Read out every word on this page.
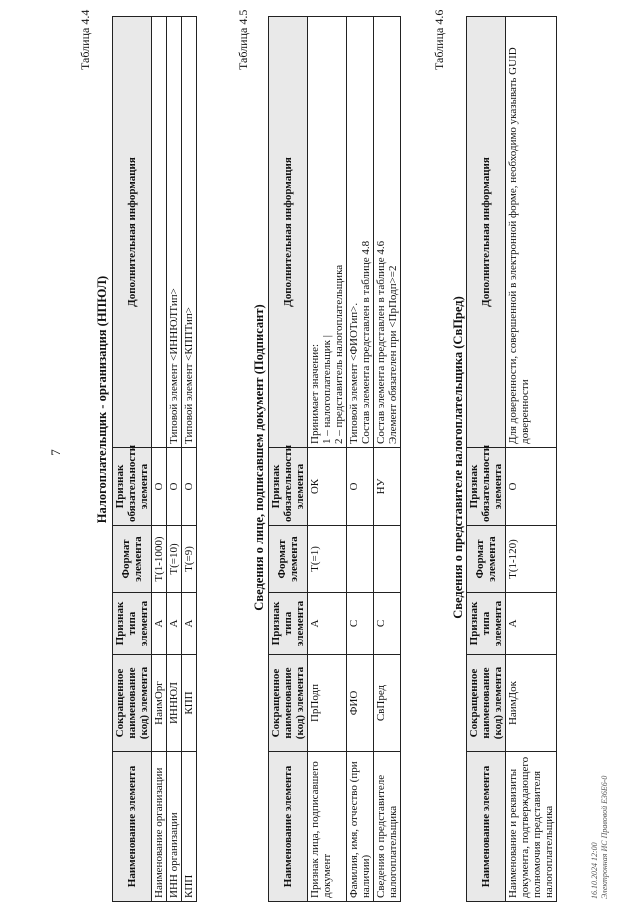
7
Таблица 4.4
Налогоплательщик - организация (НПЮЛ)
Наименование элемента	Сокращенное наименование (код) элемента	Признак типа элемента	Формат элемента	Признак обязательности элемента	Дополнительная информация
Наименование организации	НаимОрг	А	T(1-1000)	О	
ИНН организации	ИННЮЛ	А	T(=10)	О	Типовой элемент <ИННЮЛТип>
КПП	КПП	А	T(=9)	О	Типовой элемент <КППТип>
Таблица 4.5
Сведения о лице, подписавшем документ (Подписант)
Наименование элемента	Сокращенное наименование (код) элемента	Признак типа элемента	Формат элемента	Признак обязательности элемента	Дополнительная информация
Признак лица, подписавшего документ	ПрПодп	А	T(=1)	ОК	Принимает значение: 1 – налогоплательщик | 2 – представитель налогоплательщика

Фамилия, имя, отчество (при наличии)	ФИО	С		О	Типовой элемент <ФИОТип>. Состав элемента представлен в таблице 4.8

Сведения о представителе налогоплательщика	СвПред	С		НУ	Состав элемента представлен в таблице 4.6 Элемент обязателен при <ПрПодп>=2
Таблица 4.6
Сведения о представителе налогоплательщика (СвПред)
Наименование элемента	Сокращенное наименование (код) элемента	Признак типа элемента	Формат элемента	Признак обязательности элемента	Дополнительная информация
Наименование и реквизиты документа, подтверждающего полномочия представителя налогоплательщика	НаимДок	А	T(1-120)	О	Для доверенности, совершенной в электронной форме, необходимо указывать GUID доверенности
16.10.2024 12:00 Электронная ИС Правовой ЕЗ6Е6-0
